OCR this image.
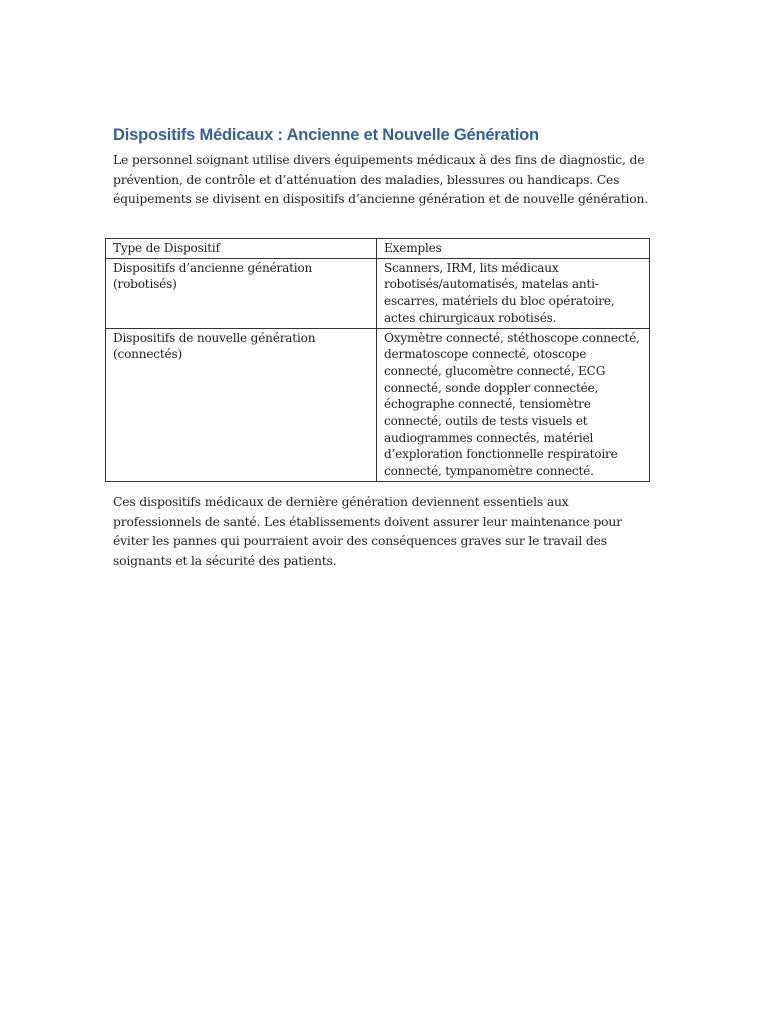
Dispositifs Médicaux : Ancienne et Nouvelle Génération

Le personnel soignant utilise divers équipements médicaux à des fins de diagnostic, de prévention, de contrôle et d’atténuation des maladies, blessures ou handicaps. Ces équipements se divisent en dispositifs d’ancienne génération et de nouvelle génération.

Type de Dispositif	Exemples
Dispositifs d’ancienne génération (robotisés)	Scanners, IRM, lits médicaux robotisés/automatisés, matelas anti-escarres, matériels du bloc opératoire, actes chirurgicaux robotisés.
Dispositifs de nouvelle génération (connectés)	Oxymètre connecté, stéthoscope connecté, dermatoscope connecté, otoscope connecté, glucomètre connecté, ECG connecté, sonde doppler connectée, échographe connecté, tensiomètre connecté, outils de tests visuels et audiogrammes connectés, matériel d’exploration fonctionnelle respiratoire connecté, tympanomètre connecté.

Ces dispositifs médicaux de dernière génération deviennent essentiels aux professionnels de santé. Les établissements doivent assurer leur maintenance pour éviter les pannes qui pourraient avoir des conséquences graves sur le travail des soignants et la sécurité des patients.
